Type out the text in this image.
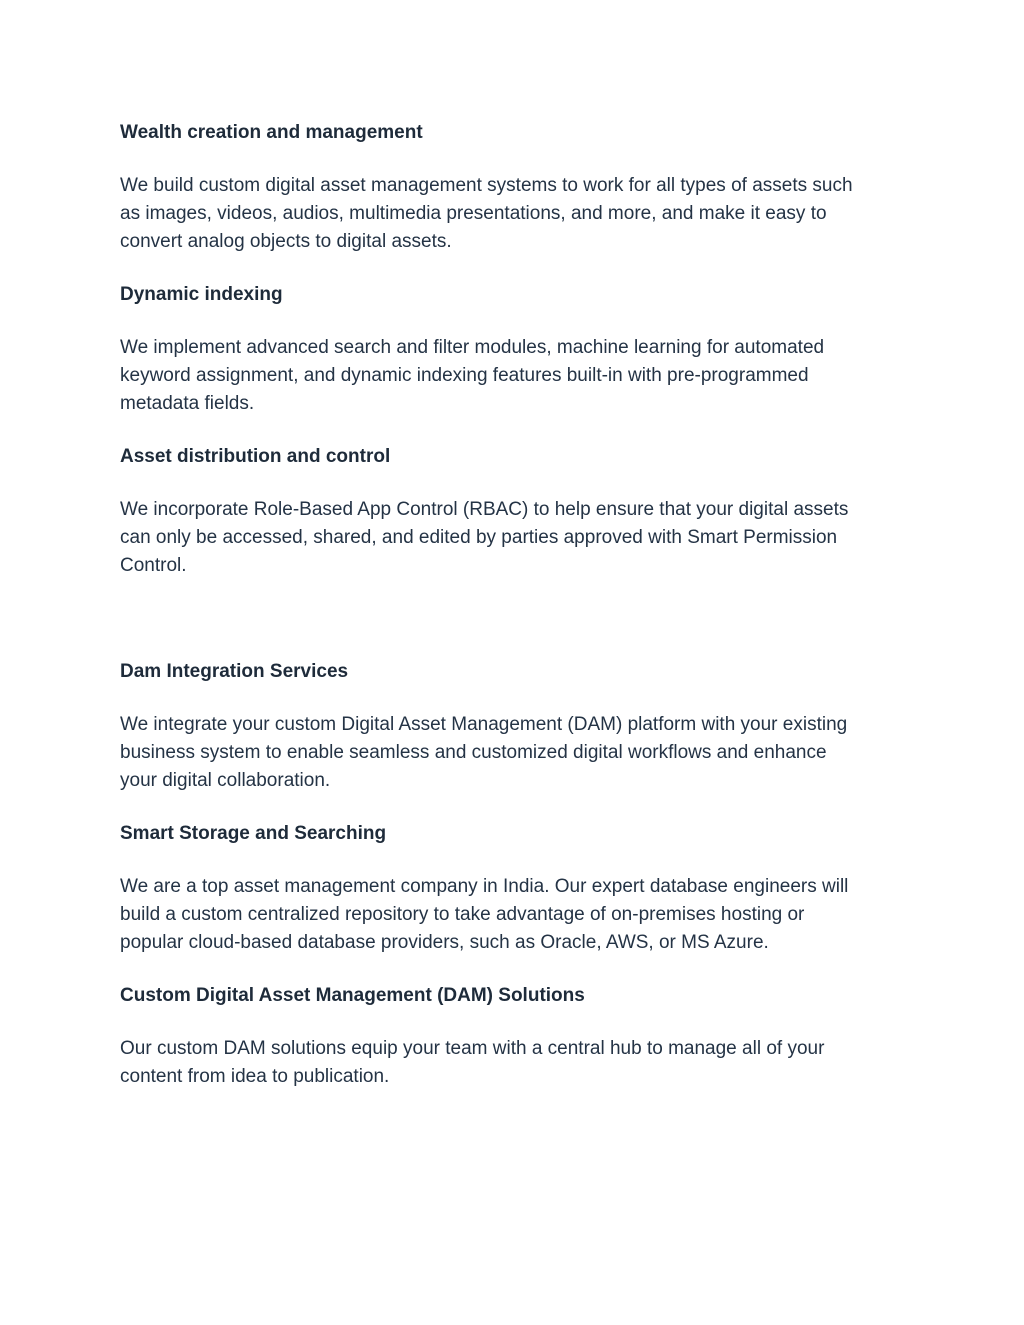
Wealth creation and management
We build custom digital asset management systems to work for all types of assets such
as images, videos, audios, multimedia presentations, and more, and make it easy to
convert analog objects to digital assets.
Dynamic indexing
We implement advanced search and filter modules, machine learning for automated
keyword assignment, and dynamic indexing features built-in with pre-programmed
metadata fields.
Asset distribution and control
We incorporate Role-Based App Control (RBAC) to help ensure that your digital assets
can only be accessed, shared, and edited by parties approved with Smart Permission
Control.
Dam Integration Services
We integrate your custom Digital Asset Management (DAM) platform with your existing
business system to enable seamless and customized digital workflows and enhance
your digital collaboration.
Smart Storage and Searching
We are a top asset management company in India. Our expert database engineers will
build a custom centralized repository to take advantage of on-premises hosting or
popular cloud-based database providers, such as Oracle, AWS, or MS Azure.
Custom Digital Asset Management (DAM) Solutions
Our custom DAM solutions equip your team with a central hub to manage all of your
content from idea to publication.
